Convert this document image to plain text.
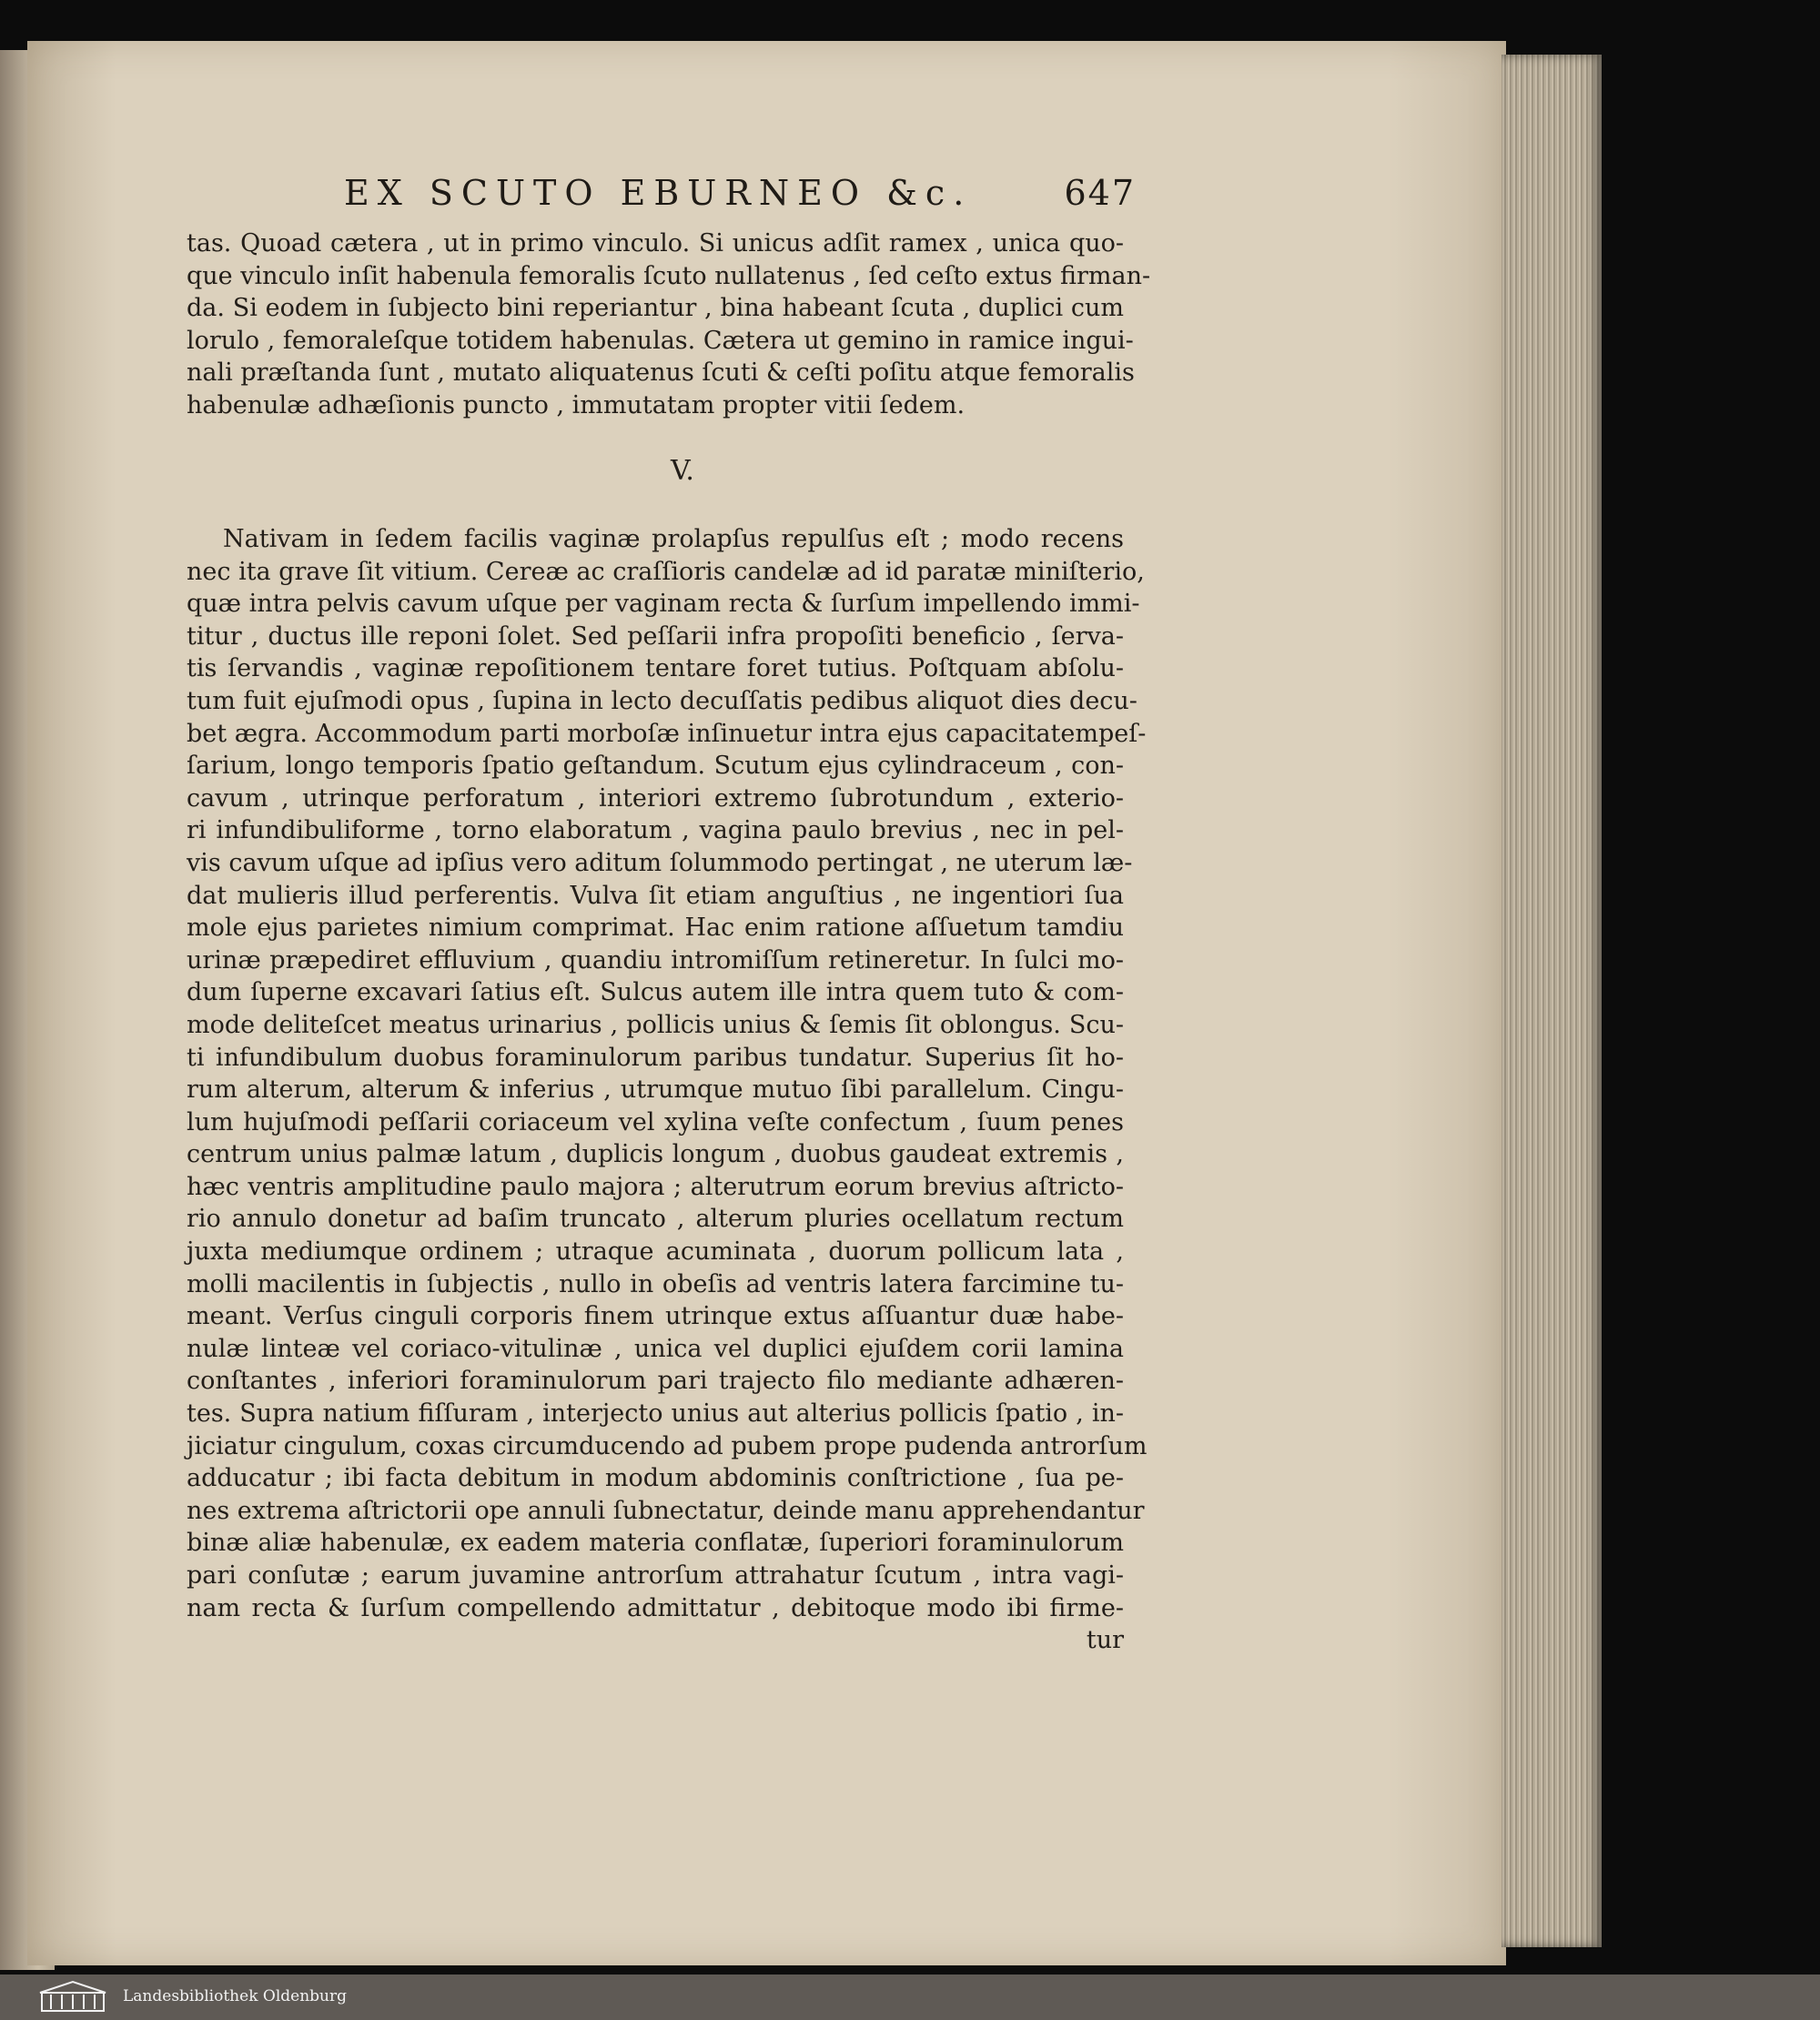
EX SCUTO EBURNEO &c.	647
tas. Quoad cætera , ut in primo vinculo. Si unicus adſit ramex , unica quo-
que vinculo inſit habenula femoralis ſcuto nullatenus , ſed ceſto extus firman-
da. Si eodem in ſubjecto bini reperiantur , bina habeant ſcuta , duplici cum
lorulo , femoraleſque totidem habenulas. Cætera ut gemino in ramice ingui-
nali præſtanda ſunt , mutato aliquatenus ſcuti & ceſti poſitu atque femoralis
habenulæ adhæſionis puncto , immutatam propter vitii ſedem.
V.
Nativam in ſedem facilis vaginæ prolapſus repulſus eſt ; modo recens
nec ita grave ſit vitium. Cereæ ac craſſioris candelæ ad id paratæ miniſterio,
quæ intra pelvis cavum uſque per vaginam recta & ſurſum impellendo immi-
titur , ductus ille reponi ſolet. Sed peſſarii infra propoſiti beneficio , ſerva-
tis ſervandis , vaginæ repoſitionem tentare foret tutius. Poſtquam abſolu-
tum fuit ejuſmodi opus , ſupina in lecto decuſſatis pedibus aliquot dies decu-
bet ægra. Accommodum parti morboſæ inſinuetur intra ejus capacitatempeſ-
ſarium, longo temporis ſpatio geſtandum. Scutum ejus cylindraceum , con-
cavum , utrinque perforatum , interiori extremo ſubrotundum , exterio-
ri infundibuliforme , torno elaboratum , vagina paulo brevius , nec in pel-
vis cavum uſque ad ipſius vero aditum ſolummodo pertingat , ne uterum læ-
dat mulieris illud perferentis. Vulva ſit etiam anguſtius , ne ingentiori ſua
mole ejus parietes nimium comprimat. Hac enim ratione aſſuetum tamdiu
urinæ præpediret effluvium , quandiu intromiſſum retineretur. In ſulci mo-
dum ſuperne excavari ſatius eſt. Sulcus autem ille intra quem tuto & com-
mode deliteſcet meatus urinarius , pollicis unius & ſemis ſit oblongus. Scu-
ti infundibulum duobus foraminulorum paribus tundatur. Superius ſit ho-
rum alterum, alterum & inferius , utrumque mutuo ſibi parallelum. Cingu-
lum hujuſmodi peſſarii coriaceum vel xylina veſte confectum , ſuum penes
centrum unius palmæ latum , duplicis longum , duobus gaudeat extremis ,
hæc ventris amplitudine paulo majora ; alterutrum eorum brevius aſtricto-
rio annulo donetur ad baſim truncato , alterum pluries ocellatum rectum
juxta mediumque ordinem ; utraque acuminata , duorum pollicum lata ,
molli macilentis in ſubjectis , nullo in obeſis ad ventris latera farcimine tu-
meant. Verſus cinguli corporis finem utrinque extus aſſuantur duæ habe-
nulæ linteæ vel coriaco-vitulinæ , unica vel duplici ejuſdem corii lamina
conſtantes , inferiori foraminulorum pari trajecto filo mediante adhæren-
tes. Supra natium fiſſuram , interjecto unius aut alterius pollicis ſpatio , in-
jiciatur cingulum, coxas circumducendo ad pubem prope pudenda antrorſum
adducatur ; ibi facta debitum in modum abdominis conſtrictione , ſua pe-
nes extrema aſtrictorii ope annuli ſubnectatur, deinde manu apprehendantur
binæ aliæ habenulæ, ex eadem materia conflatæ, ſuperiori foraminulorum
pari conſutæ ; earum juvamine antrorſum attrahatur ſcutum , intra vagi-
nam recta & ſurſum compellendo admittatur , debitoque modo ibi firme-
tur
Landesbibliothek Oldenburg
